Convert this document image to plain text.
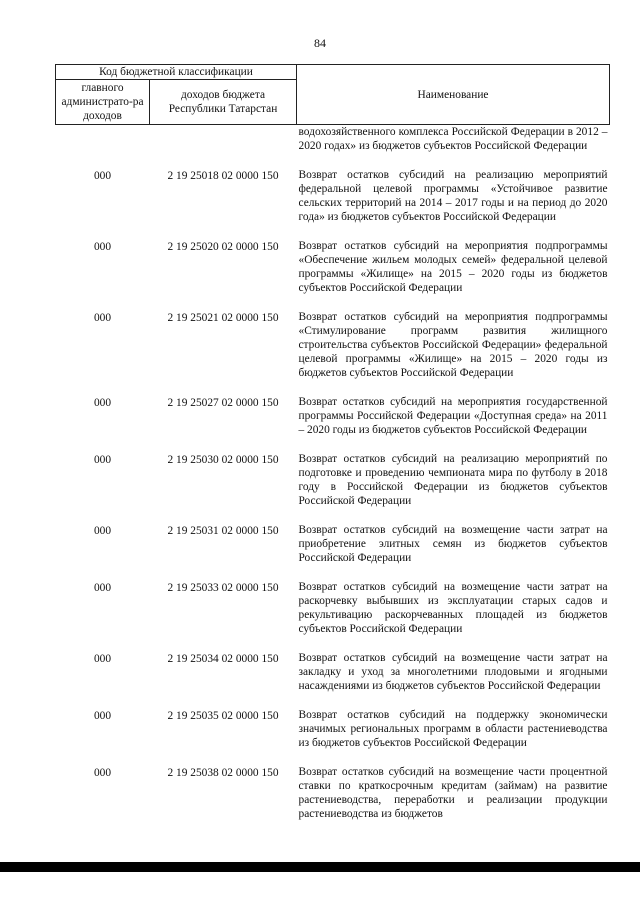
84
Код бюджетной классификации		Наименование
главного администрато-ра доходов	доходов бюджета Республики Татарстан	
		водохозяйственного комплекса Российской Федерации в 2012 – 2020 годах» из бюджетов субъектов Российской Федерации
000	2 19 25018 02 0000 150	Возврат остатков субсидий на реализацию мероприятий федеральной целевой программы «Устойчивое развитие сельских территорий на 2014 – 2017 годы и на период до 2020 года» из бюджетов субъектов Российской Федерации
000	2 19 25020 02 0000 150	Возврат остатков субсидий на мероприятия подпрограммы «Обеспечение жильем молодых семей» федеральной целевой программы «Жилище» на 2015 – 2020 годы из бюджетов субъектов Российской Федерации
000	2 19 25021 02 0000 150	Возврат остатков субсидий на мероприятия подпрограммы «Стимулирование программ развития жилищного строительства субъектов Российской Федерации» федеральной целевой программы «Жилище» на 2015 – 2020 годы из бюджетов субъектов Российской Федерации
000	2 19 25027 02 0000 150	Возврат остатков субсидий на мероприятия государственной программы Российской Федерации «Доступная среда» на 2011 – 2020 годы из бюджетов субъектов Российской Федерации
000	2 19 25030 02 0000 150	Возврат остатков субсидий на реализацию мероприятий по подготовке и проведению чемпионата мира по футболу в 2018 году в Российской Федерации из бюджетов субъектов Российской Федерации
000	2 19 25031 02 0000 150	Возврат остатков субсидий на возмещение части затрат на приобретение элитных семян из бюджетов субъектов Российской Федерации
000	2 19 25033 02 0000 150	Возврат остатков субсидий на возмещение части затрат на раскорчевку выбывших из эксплуатации старых садов и рекультивацию раскорчеванных площадей из бюджетов субъектов Российской Федерации
000	2 19 25034 02 0000 150	Возврат остатков субсидий на возмещение части затрат на закладку и уход за многолетними плодовыми и ягодными насаждениями из бюджетов субъектов Российской Федерации
000	2 19 25035 02 0000 150	Возврат остатков субсидий на поддержку экономически значимых региональных программ в области растениеводства из бюджетов субъектов Российской Федерации
000	2 19 25038 02 0000 150	Возврат остатков субсидий на возмещение части процентной ставки по краткосрочным кредитам (займам) на развитие растениеводства, переработки и реализации продукции растениеводства из бюджетов
